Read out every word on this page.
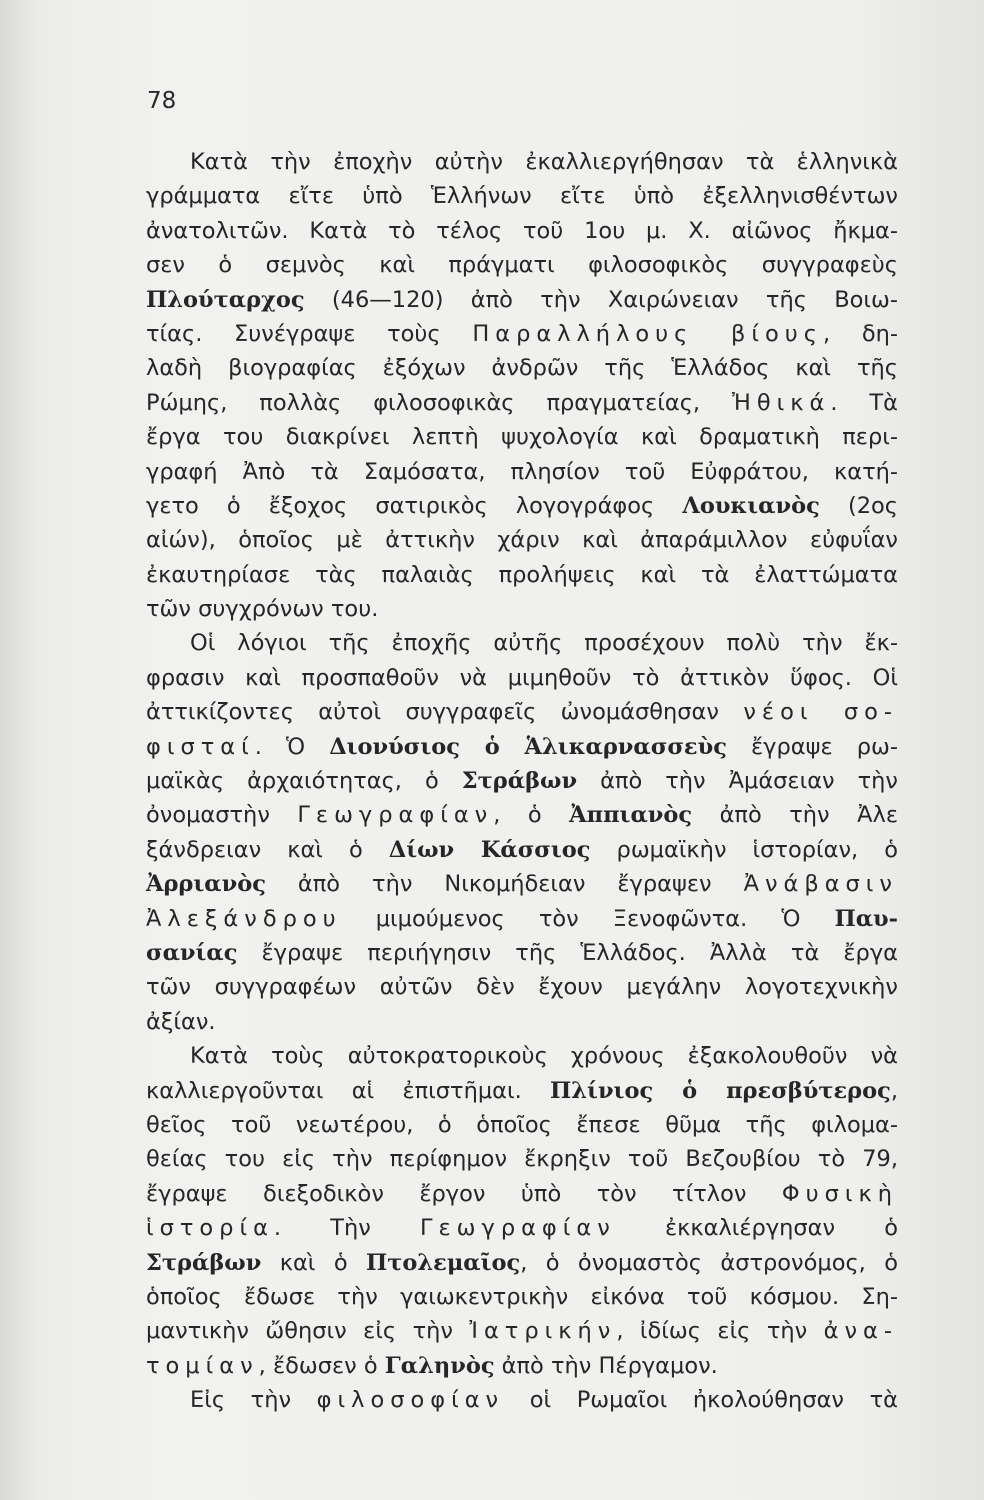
78
Κατὰ τὴν ἐποχὴν αὐτὴν ἐκαλλιεργήθησαν τὰ ἑλληνικὰ
γράμματα εἴτε ὑπὸ Ἑλλήνων εἴτε ὑπὸ ἐξελληνισθέντων
ἀνατολιτῶν. Κατὰ τὸ τέλος τοῦ 1ου μ. Χ. αἰῶνος ἤκμα-
σεν ὁ σεμνὸς καὶ πράγματι φιλοσοφικὸς συγγραφεὺς
Πλούταρχος (46—120) ἀπὸ τὴν Χαιρώνειαν τῆς Βοιω-
τίας. Συνέγραψε τοὺς Παραλλήλους βίους, δη-
λαδὴ βιογραφίας ἐξόχων ἀνδρῶν τῆς Ἑλλάδος καὶ τῆς
Ρώμης, πολλὰς φιλοσοφικὰς πραγματείας, Ἠθικά. Τὰ
ἔργα του διακρίνει λεπτὴ ψυχολογία καὶ δραματικὴ περι-
γραφή Ἀπὸ τὰ Σαμόσατα, πλησίον τοῦ Εὐφράτου, κατή-
γετο ὁ ἔξοχος σατιρικὸς λογογράφος Λουκιανὸς (2ος
αἰών), ὁποῖος μὲ ἀττικὴν χάριν καὶ ἀπαράμιλλον εὐφυΐαν
ἐκαυτηρίασε τὰς παλαιὰς προλήψεις καὶ τὰ ἐλαττώματα
τῶν συγχρόνων του.
Οἱ λόγιοι τῆς ἐποχῆς αὐτῆς προσέχουν πολὺ τὴν ἔκ-
φρασιν καὶ προσπαθοῦν νὰ μιμηθοῦν τὸ ἀττικὸν ὕφος. Οἱ
ἀττικίζοντες αὐτοὶ συγγραφεῖς ὠνομάσθησαν νέοι σο-
φισταί. Ὁ Διονύσιος ὁ Ἁλικαρνασσεὺς ἔγραψε ρω-
μαϊκὰς ἀρχαιότητας, ὁ Στράβων ἀπὸ τὴν Ἀμάσειαν τὴν
ὀνομαστὴν Γεωγραφίαν, ὁ Ἀππιανὸς ἀπὸ τὴν Ἀλε
ξάνδρειαν καὶ ὁ Δίων Κάσσιος ρωμαϊκὴν ἱστορίαν, ὁ
Ἀρριανὸς ἀπὸ τὴν Νικομήδειαν ἔγραψεν Ἀνάβασιν
Ἀλεξάνδρου μιμούμενος τὸν Ξενοφῶντα. Ὁ Παυ-
σανίας ἔγραψε περιήγησιν τῆς Ἑλλάδος. Ἀλλὰ τὰ ἔργα
τῶν συγγραφέων αὐτῶν δὲν ἔχουν μεγάλην λογοτεχνικὴν
ἀξίαν.
Κατὰ τοὺς αὐτοκρατορικοὺς χρόνους ἐξακολουθοῦν νὰ
καλλιεργοῦνται αἱ ἐπιστῆμαι. Πλίνιος ὁ πρεσβύτερος,
θεῖος τοῦ νεωτέρου, ὁ ὁποῖος ἔπεσε θῦμα τῆς φιλομα-
θείας του εἰς τὴν περίφημον ἔκρηξιν τοῦ Βεζουβίου τὸ 79,
ἔγραψε διεξοδικὸν ἔργον ὑπὸ τὸν τίτλον Φυσικὴ
ἱστορία. Τὴν Γεωγραφίαν ἐκκαλιέργησαν ὁ
Στράβων καὶ ὁ Πτολεμαῖος, ὁ ὀνομαστὸς ἀστρονόμος, ὁ
ὁποῖος ἔδωσε τὴν γαιωκεντρικὴν εἰκόνα τοῦ κόσμου. Ση-
μαντικὴν ὤθησιν εἰς τὴν Ἰατρικήν, ἰδίως εἰς τὴν ἀνα-
τομίαν, ἔδωσεν ὁ Γαληνὸς ἀπὸ τὴν Πέργαμον.
Εἰς τὴν φιλοσοφίαν οἱ Ρωμαῖοι ἠκολούθησαν τὰ
